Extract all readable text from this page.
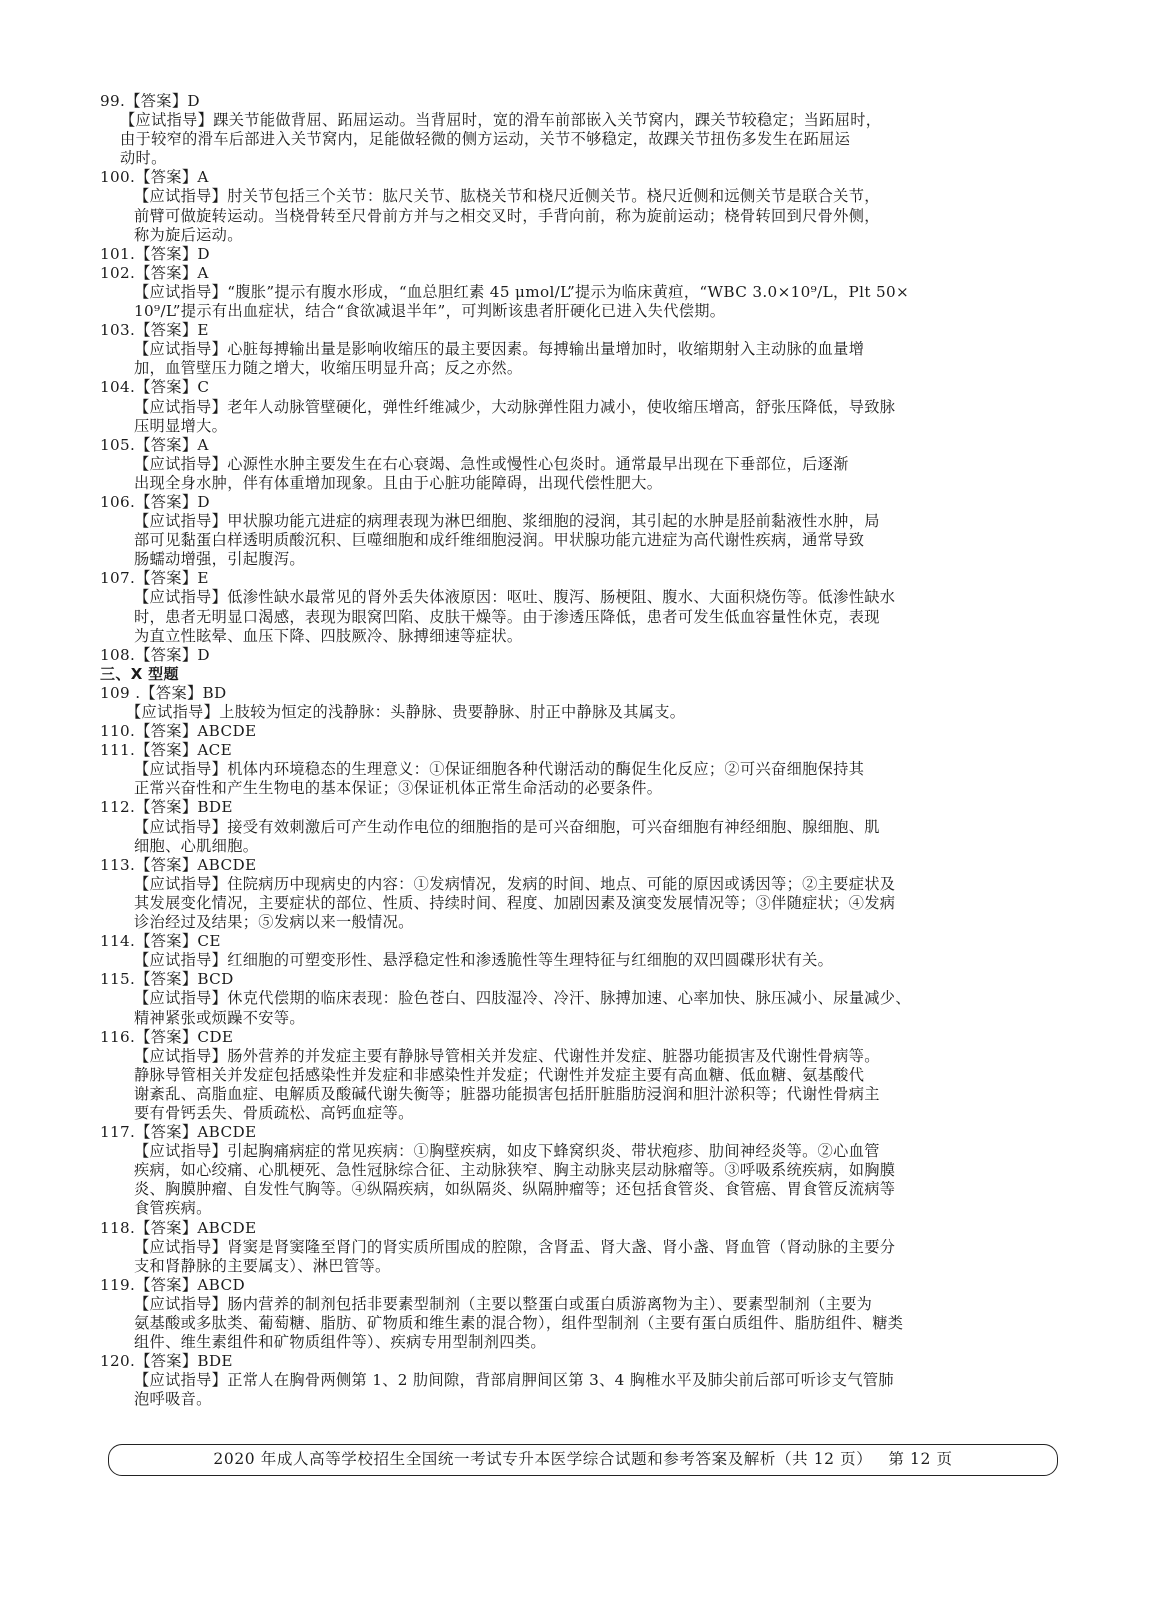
99.【答案】D
【应试指导】踝关节能做背屈、跖屈运动。当背屈时，宽的滑车前部嵌入关节窝内，踝关节较稳定；当跖屈时，
由于较窄的滑车后部进入关节窝内，足能做轻微的侧方运动，关节不够稳定，故踝关节扭伤多发生在跖屈运
动时。
100.【答案】A
【应试指导】肘关节包括三个关节：肱尺关节、肱桡关节和桡尺近侧关节。桡尺近侧和远侧关节是联合关节，
前臂可做旋转运动。当桡骨转至尺骨前方并与之相交叉时，手背向前，称为旋前运动；桡骨转回到尺骨外侧，
称为旋后运动。
101.【答案】D
102.【答案】A
【应试指导】“腹胀”提示有腹水形成，“血总胆红素 45 μmol/L”提示为临床黄疸，“WBC 3.0×10⁹/L，Plt 50×
10⁹/L”提示有出血症状，结合“食欲减退半年”，可判断该患者肝硬化已进入失代偿期。
103.【答案】E
【应试指导】心脏每搏输出量是影响收缩压的最主要因素。每搏输出量增加时，收缩期射入主动脉的血量增
加，血管壁压力随之增大，收缩压明显升高；反之亦然。
104.【答案】C
【应试指导】老年人动脉管壁硬化，弹性纤维减少，大动脉弹性阻力减小，使收缩压增高，舒张压降低，导致脉
压明显增大。
105.【答案】A
【应试指导】心源性水肿主要发生在右心衰竭、急性或慢性心包炎时。通常最早出现在下垂部位，后逐渐
出现全身水肿，伴有体重增加现象。且由于心脏功能障碍，出现代偿性肥大。
106.【答案】D
【应试指导】甲状腺功能亢进症的病理表现为淋巴细胞、浆细胞的浸润，其引起的水肿是胫前黏液性水肿，局
部可见黏蛋白样透明质酸沉积、巨噬细胞和成纤维细胞浸润。甲状腺功能亢进症为高代谢性疾病，通常导致
肠蠕动增强，引起腹泻。
107.【答案】E
【应试指导】低渗性缺水最常见的肾外丢失体液原因：呕吐、腹泻、肠梗阻、腹水、大面积烧伤等。低渗性缺水
时，患者无明显口渴感，表现为眼窝凹陷、皮肤干燥等。由于渗透压降低，患者可发生低血容量性休克，表现
为直立性眩晕、血压下降、四肢厥冷、脉搏细速等症状。
108.【答案】D
三、X 型题
109 .【答案】BD
【应试指导】上肢较为恒定的浅静脉：头静脉、贵要静脉、肘正中静脉及其属支。
110.【答案】ABCDE
111.【答案】ACE
【应试指导】机体内环境稳态的生理意义：①保证细胞各种代谢活动的酶促生化反应；②可兴奋细胞保持其
正常兴奋性和产生生物电的基本保证；③保证机体正常生命活动的必要条件。
112.【答案】BDE
【应试指导】接受有效刺激后可产生动作电位的细胞指的是可兴奋细胞，可兴奋细胞有神经细胞、腺细胞、肌
细胞、心肌细胞。
113.【答案】ABCDE
【应试指导】住院病历中现病史的内容：①发病情况，发病的时间、地点、可能的原因或诱因等；②主要症状及
其发展变化情况，主要症状的部位、性质、持续时间、程度、加剧因素及演变发展情况等；③伴随症状；④发病
诊治经过及结果；⑤发病以来一般情况。
114.【答案】CE
【应试指导】红细胞的可塑变形性、悬浮稳定性和渗透脆性等生理特征与红细胞的双凹圆碟形状有关。
115.【答案】BCD
【应试指导】休克代偿期的临床表现：脸色苍白、四肢湿冷、冷汗、脉搏加速、心率加快、脉压减小、尿量减少、
精神紧张或烦躁不安等。
116.【答案】CDE
【应试指导】肠外营养的并发症主要有静脉导管相关并发症、代谢性并发症、脏器功能损害及代谢性骨病等。
静脉导管相关并发症包括感染性并发症和非感染性并发症；代谢性并发症主要有高血糖、低血糖、氨基酸代
谢紊乱、高脂血症、电解质及酸碱代谢失衡等；脏器功能损害包括肝脏脂肪浸润和胆汁淤积等；代谢性骨病主
要有骨钙丢失、骨质疏松、高钙血症等。
117.【答案】ABCDE
【应试指导】引起胸痛病症的常见疾病：①胸壁疾病，如皮下蜂窝织炎、带状疱疹、肋间神经炎等。②心血管
疾病，如心绞痛、心肌梗死、急性冠脉综合征、主动脉狭窄、胸主动脉夹层动脉瘤等。③呼吸系统疾病，如胸膜
炎、胸膜肿瘤、自发性气胸等。④纵隔疾病，如纵隔炎、纵隔肿瘤等；还包括食管炎、食管癌、胃食管反流病等
食管疾病。
118.【答案】ABCDE
【应试指导】肾窦是肾窦隆至肾门的肾实质所围成的腔隙，含肾盂、肾大盏、肾小盏、肾血管（肾动脉的主要分
支和肾静脉的主要属支）、淋巴管等。
119.【答案】ABCD
【应试指导】肠内营养的制剂包括非要素型制剂（主要以整蛋白或蛋白质游离物为主）、要素型制剂（主要为
氨基酸或多肽类、葡萄糖、脂肪、矿物质和维生素的混合物），组件型制剂（主要有蛋白质组件、脂肪组件、糖类
组件、维生素组件和矿物质组件等）、疾病专用型制剂四类。
120.【答案】BDE
【应试指导】正常人在胸骨两侧第 1、2 肋间隙，背部肩胛间区第 3、4 胸椎水平及肺尖前后部可听诊支气管肺
泡呼吸音。
2020 年成人高等学校招生全国统一考试专升本医学综合试题和参考答案及解析（共 12 页） 第 12 页
